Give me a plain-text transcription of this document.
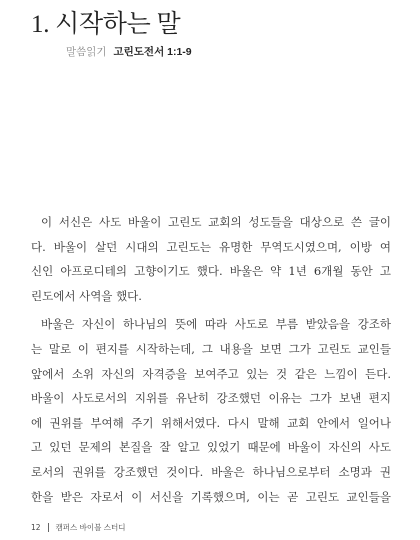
1. 시작하는 말
말씀읽기 고린도전서 1:1-9
이 서신은 사도 바울이 고린도 교회의 성도들을 대상으로 쓴 글이
다. 바울이 살던 시대의 고린도는 유명한 무역도시였으며, 이방 여
신인 아프로디테의 고향이기도 했다. 바울은 약 1년 6개월 동안 고
린도에서 사역을 했다.
바울은 자신이 하나님의 뜻에 따라 사도로 부름 받았음을 강조하
는 말로 이 편지를 시작하는데, 그 내용을 보면 그가 고린도 교인들
앞에서 소위 자신의 자격증을 보여주고 있는 것 같은 느낌이 든다.
바울이 사도로서의 지위를 유난히 강조했던 이유는 그가 보낸 편지
에 권위를 부여해 주기 위해서였다. 다시 말해 교회 안에서 일어나
고 있던 문제의 본질을 잘 알고 있었기 때문에 바울이 자신의 사도
로서의 권위를 강조했던 것이다. 바울은 하나님으로부터 소명과 권
한을 받은 자로서 이 서신을 기록했으며, 이는 곧 고린도 교인들을
12 캠퍼스 바이블 스터디
